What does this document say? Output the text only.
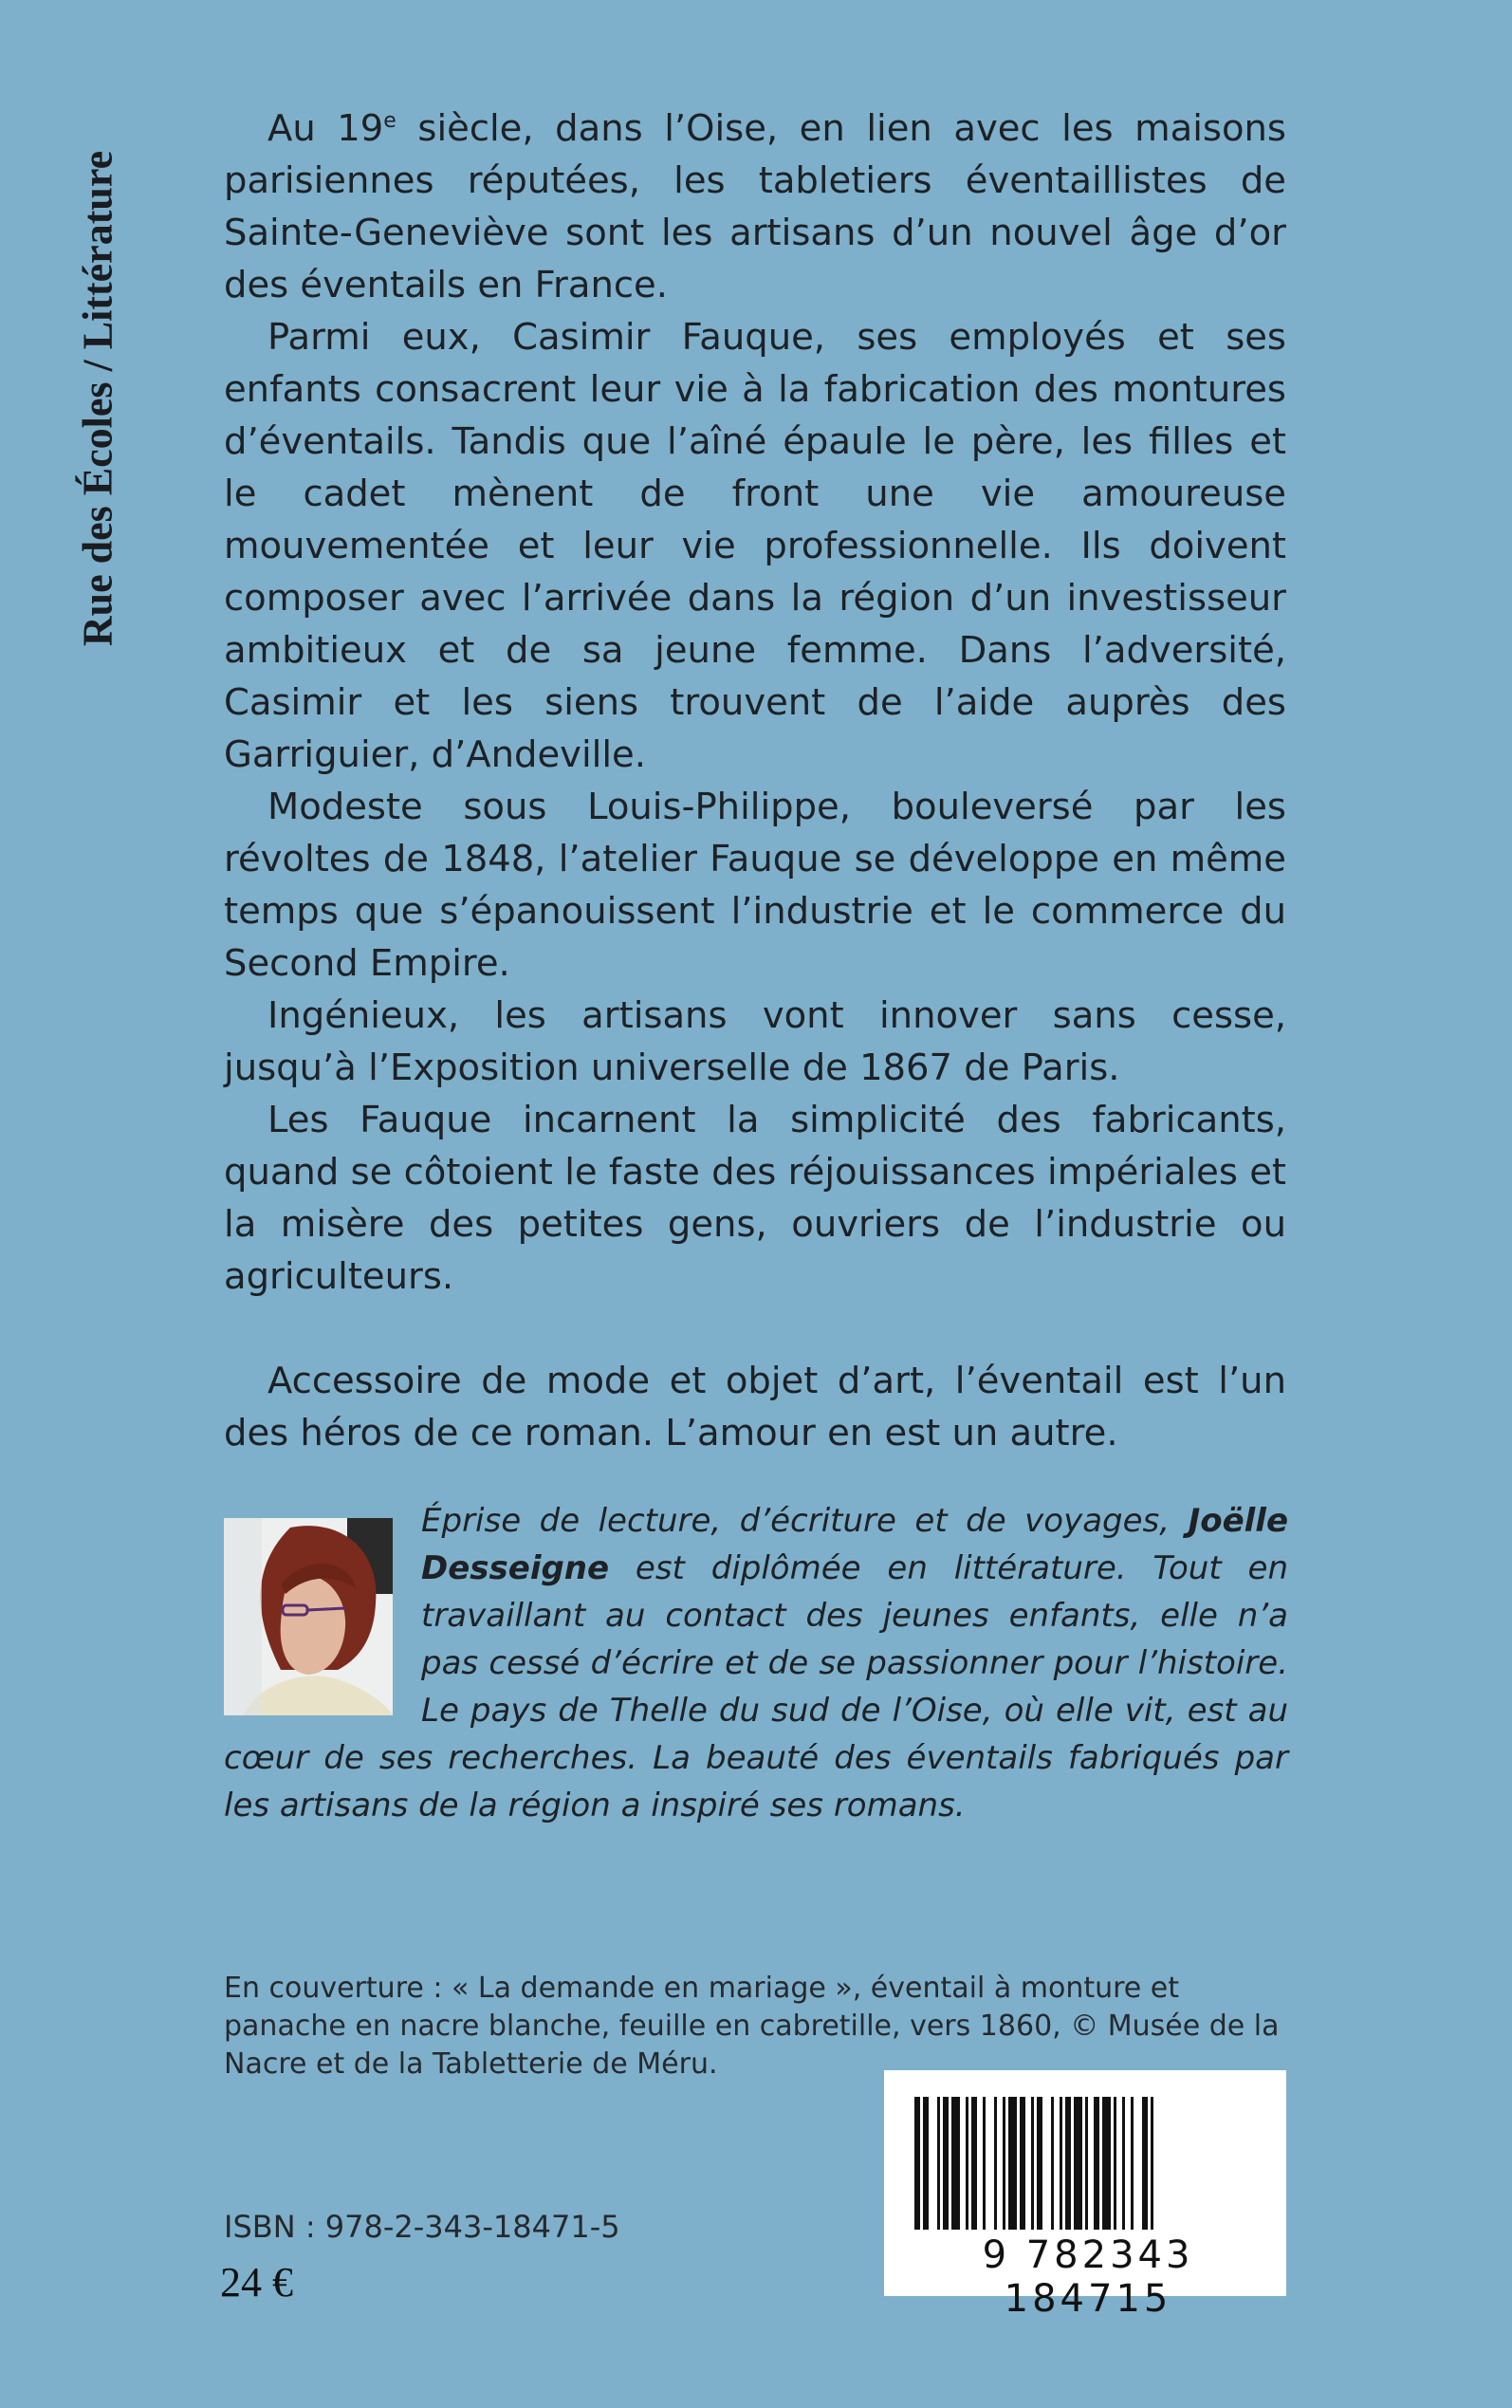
Rue des Écoles / Littérature

Au 19e siècle, dans l’Oise, en lien avec les maisons parisiennes réputées, les tabletiers éventaillistes de Sainte-Geneviève sont les artisans d’un nouvel âge d’or des éventails en France.

Parmi eux, Casimir Fauque, ses employés et ses enfants consacrent leur vie à la fabrication des montures d’éventails. Tandis que l’aîné épaule le père, les filles et le cadet mènent de front une vie amoureuse mouvementée et leur vie professionnelle. Ils doivent composer avec l’arrivée dans la région d’un investisseur ambitieux et de sa jeune femme. Dans l’adversité, Casimir et les siens trouvent de l’aide auprès des Garriguier, d’Andeville.

Modeste sous Louis-Philippe, bouleversé par les révoltes de 1848, l’atelier Fauque se développe en même temps que s’épanouissent l’industrie et le commerce du Second Empire.

Ingénieux, les artisans vont innover sans cesse, jusqu’à l’Exposition universelle de 1867 de Paris.

Les Fauque incarnent la simplicité des fabricants, quand se côtoient le faste des réjouissances impériales et la misère des petites gens, ouvriers de l’industrie ou agriculteurs.

Accessoire de mode et objet d’art, l’éventail est l’un des héros de ce roman. L’amour en est un autre.

Éprise de lecture, d’écriture et de voyages, Joëlle Desseigne est diplômée en littérature. Tout en travaillant au contact des jeunes enfants, elle n’a pas cessé d’écrire et de se passionner pour l’histoire. Le pays de Thelle du sud de l’Oise, où elle vit, est au cœur de ses recherches. La beauté des éventails fabriqués par les artisans de la région a inspiré ses romans.

En couverture : « La demande en mariage », éventail à monture et panache en nacre blanche, feuille en cabretille, vers 1860, © Musée de la Nacre et de la Tabletterie de Méru.
9 782343 184715
ISBN : 978-2-343-18471-5
24 €
